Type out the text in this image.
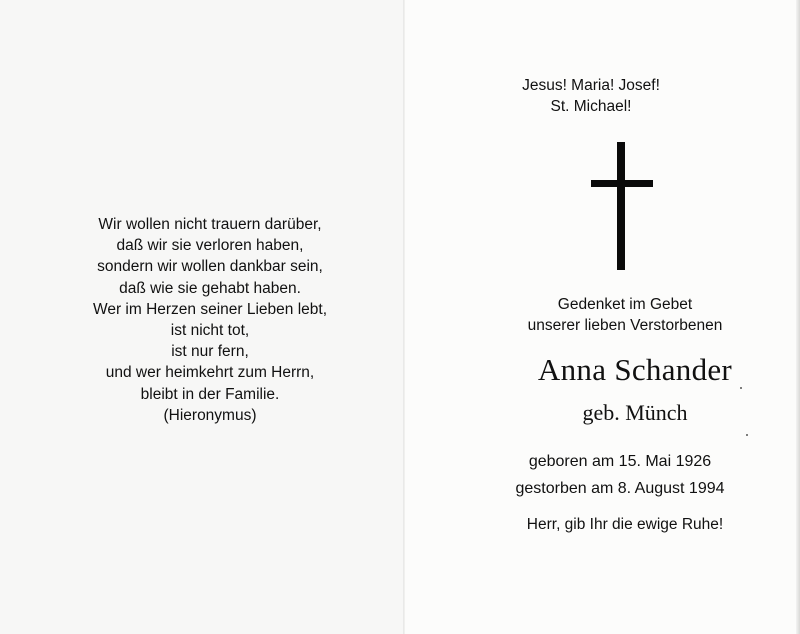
Wir wollen nicht trauern darüber,
daß wir sie verloren haben,
sondern wir wollen dankbar sein,
daß wie sie gehabt haben.
Wer im Herzen seiner Lieben lebt,
ist nicht tot,
ist nur fern,
und wer heimkehrt zum Herrn,
bleibt in der Familie.
(Hieronymus)
Jesus! Maria! Josef!
St. Michael!
Gedenket im Gebet
unserer lieben Verstorbenen
Anna Schander
geb. Münch
geboren am 15. Mai 1926
gestorben am 8. August 1994
Herr, gib Ihr die ewige Ruhe!
